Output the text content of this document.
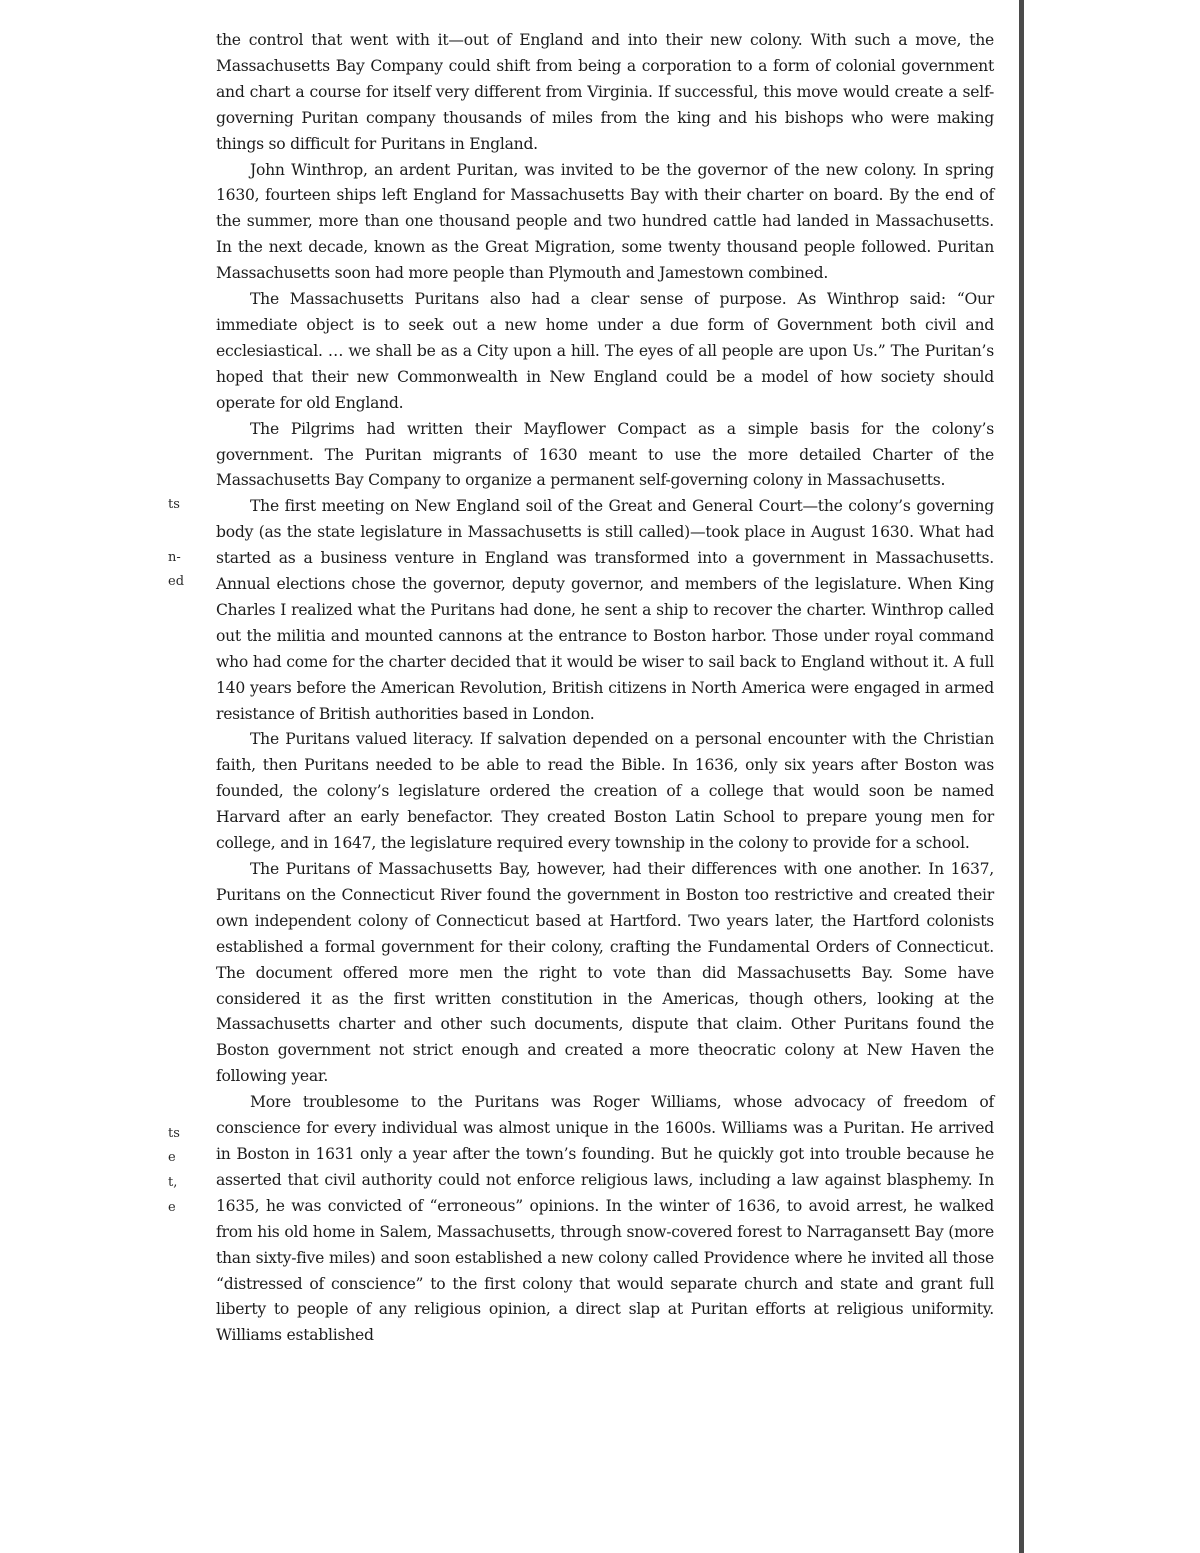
the control that went with it—out of England and into their new colony. With such a move, the Massachusetts Bay Company could shift from being a corporation to a form of colonial government and chart a course for itself very different from Virginia. If successful, this move would create a self-governing Puritan company thousands of miles from the king and his bishops who were making things so difficult for Puritans in England.

John Winthrop, an ardent Puritan, was invited to be the governor of the new colony. In spring 1630, fourteen ships left England for Massachusetts Bay with their charter on board. By the end of the summer, more than one thousand people and two hundred cattle had landed in Massachusetts. In the next decade, known as the Great Migration, some twenty thousand people followed. Puritan Massachusetts soon had more people than Plymouth and Jamestown combined.

The Massachusetts Puritans also had a clear sense of purpose. As Winthrop said: “Our immediate object is to seek out a new home under a due form of Government both civil and ecclesiastical. … we shall be as a City upon a hill. The eyes of all people are upon Us.” The Puritan’s hoped that their new Commonwealth in New England could be a model of how society should operate for old England.

The Pilgrims had written their Mayflower Compact as a simple basis for the colony’s government. The Puritan migrants of 1630 meant to use the more detailed Charter of the Massachusetts Bay Company to organize a permanent self-governing colony in Massachusetts.

The first meeting on New England soil of the Great and General Court—the colony’s governing body (as the state legislature in Massachusetts is still called)—took place in August 1630. What had started as a business venture in England was transformed into a government in Massachusetts. Annual elections chose the governor, deputy governor, and members of the legislature. When King Charles I realized what the Puritans had done, he sent a ship to recover the charter. Winthrop called out the militia and mounted cannons at the entrance to Boston harbor. Those under royal command who had come for the charter decided that it would be wiser to sail back to England without it. A full 140 years before the American Revolution, British citizens in North America were engaged in armed resistance of British authorities based in London.

The Puritans valued literacy. If salvation depended on a personal encounter with the Christian faith, then Puritans needed to be able to read the Bible. In 1636, only six years after Boston was founded, the colony’s legislature ordered the creation of a college that would soon be named Harvard after an early benefactor. They created Boston Latin School to prepare young men for college, and in 1647, the legislature required every township in the colony to provide for a school.

The Puritans of Massachusetts Bay, however, had their differences with one another. In 1637, Puritans on the Connecticut River found the government in Boston too restrictive and created their own independent colony of Connecticut based at Hartford. Two years later, the Hartford colonists established a formal government for their colony, crafting the Fundamental Orders of Connecticut. The document offered more men the right to vote than did Massachusetts Bay. Some have considered it as the first written constitution in the Americas, though others, looking at the Massachusetts charter and other such documents, dispute that claim. Other Puritans found the Boston government not strict enough and created a more theocratic colony at New Haven the following year.

More troublesome to the Puritans was Roger Williams, whose advocacy of freedom of conscience for every individual was almost unique in the 1600s. Williams was a Puritan. He arrived in Boston in 1631 only a year after the town’s founding. But he quickly got into trouble because he asserted that civil authority could not enforce religious laws, including a law against blasphemy. In 1635, he was convicted of “erroneous” opinions. In the winter of 1636, to avoid arrest, he walked from his old home in Salem, Massachusetts, through snow-covered forest to Narragansett Bay (more than sixty-five miles) and soon established a new colony called Providence where he invited all those “distressed of conscience” to the first colony that would separate church and state and grant full liberty to people of any religious opinion, a direct slap at Puritan efforts at religious uniformity. Williams established

ts
n-
ed
ts
e
t,
e
